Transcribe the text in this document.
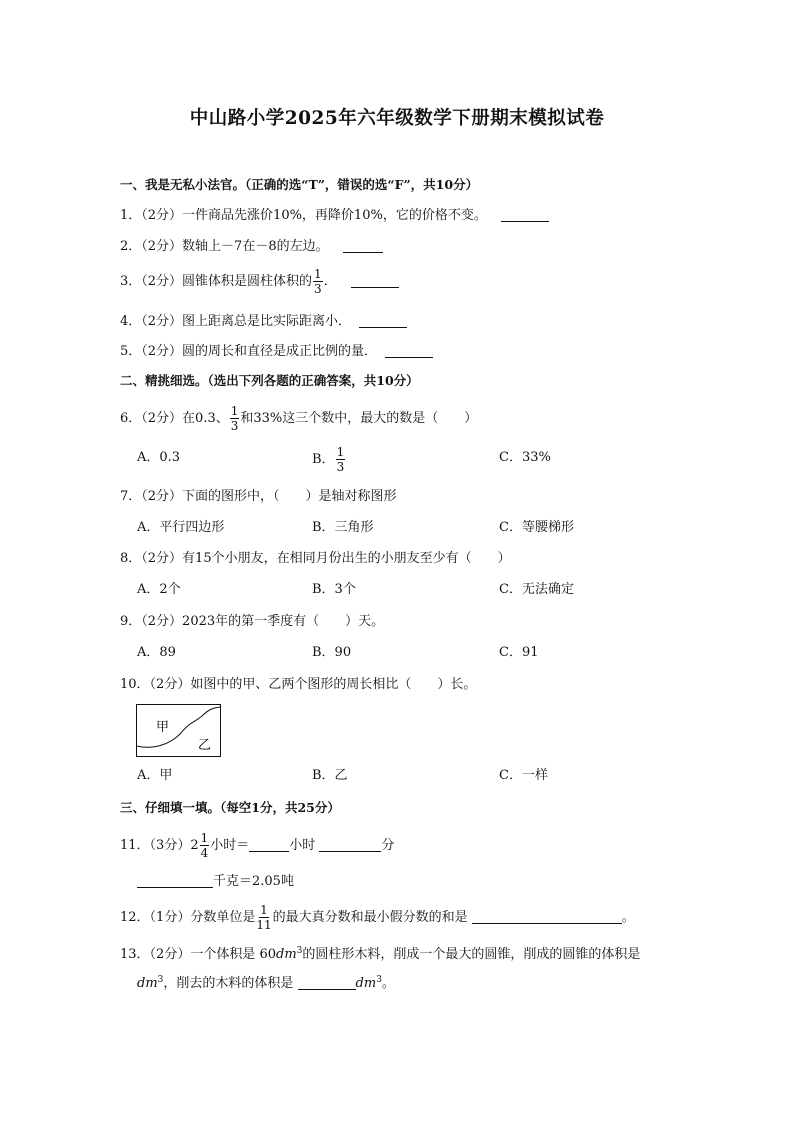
中山路小学2025年六年级数学下册期末模拟试卷
一、我是无私小法官。（正确的选“T”，错误的选“F”，共10分）
1．（2分）一件商品先涨价10%，再降价10%，它的价格不变。
2．（2分）数轴上－7在－8的左边。
3．（2分）圆锥体积是圆柱体积的 $\frac{1}{3}$ ．
4．（2分）图上距离总是比实际距离小．
5．（2分）圆的周长和直径是成正比例的量．
二、精挑细选。（选出下列各题的正确答案，共10分）
6．（2分）在0.3、 $\frac{1}{3}$ 和33%这三个数中，最大的数是（　　）
A．0.3	B． $\frac{1}{3}$	C．33%
7．（2分）下面的图形中，（　　）是轴对称图形
A．平行四边形	B．三角形	C．等腰梯形
8．（2分）有15个小朋友，在相同月份出生的小朋友至少有（　　）
A．2个	B．3个	C．无法确定
9．（2分）2023年的第一季度有（　　）天。
A．89	B．90	C．91
10．（2分）如图中的甲、乙两个图形的周长相比（　　）长。
甲
乙
A．甲	B．乙	C．一样
三、仔细填一填。（每空1分，共25分）
11．（3分）$2 \frac{1}{4}$ 小时＝	小时	分
千克＝2.05吨
12．（1分）分数单位是 $\frac{1}{11}$ 的最大真分数和最小假分数的和是	。
13．（2分）一个体积是 $60dm^3$的圆柱形木料，削成一个最大的圆锥，削成的圆锥的体积是
$dm^3$，削去的木料的体积是	$dm^3$。
